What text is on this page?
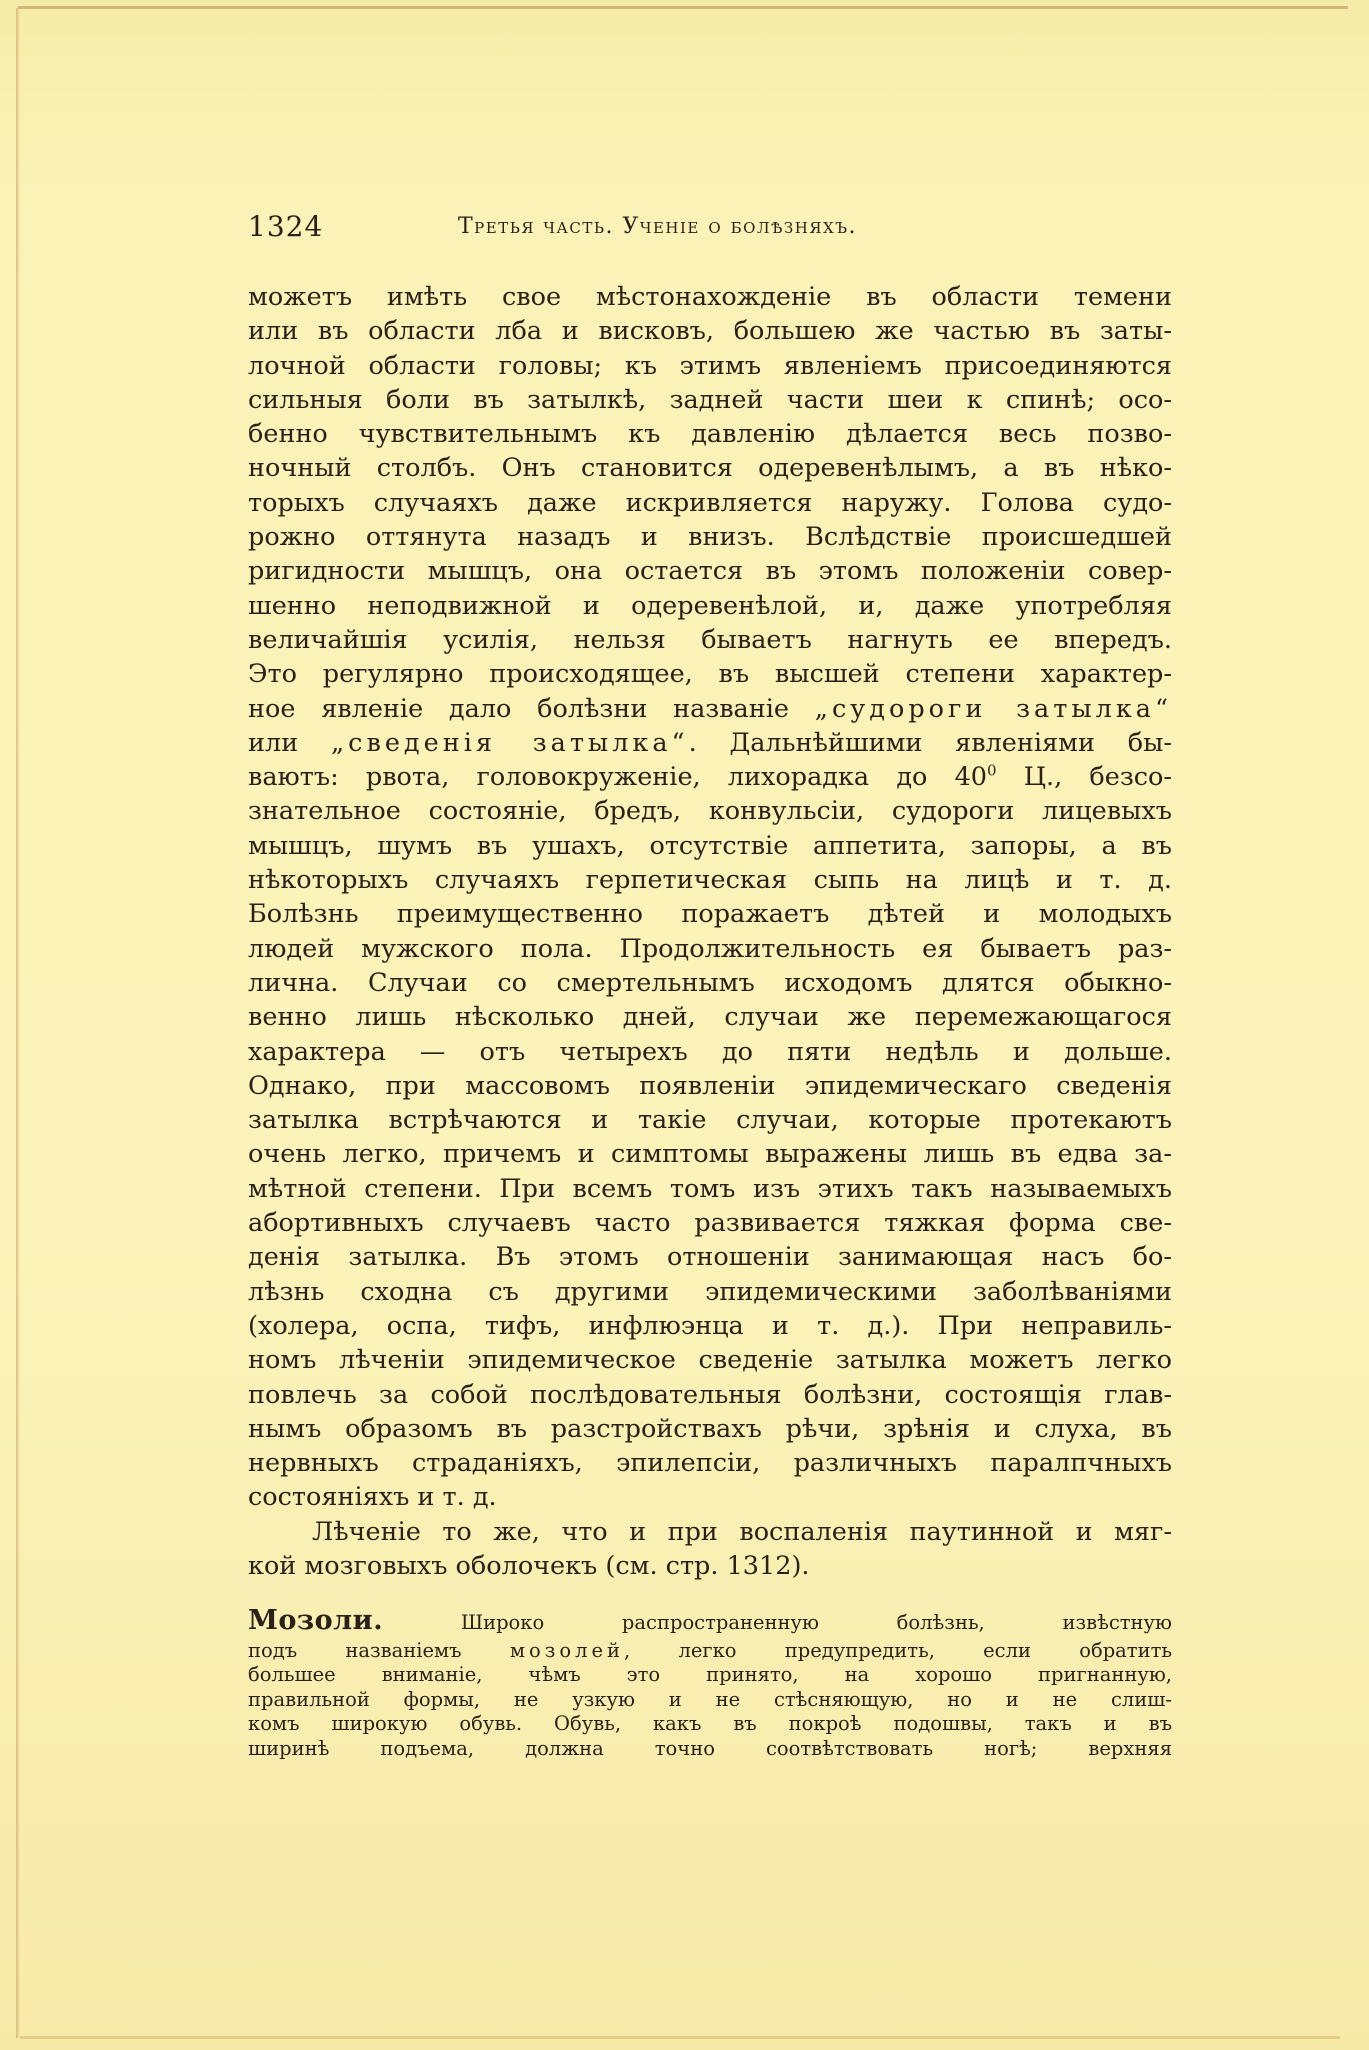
1324	Третья часть. Ученіе о болѣзняхъ.
можетъ имѣть свое мѣстонахожденіе въ области темени
или въ области лба и висковъ, большею же частью въ заты-
лочной области головы; къ этимъ явленіемъ присоединяются
сильныя боли въ затылкѣ, задней части шеи к спинѣ; осо-
бенно чувствительнымъ къ давленію дѣлается весь позво-
ночный столбъ. Онъ становится одеревенѣлымъ, а въ нѣко-
торыхъ случаяхъ даже искривляется наружу. Голова судо-
рожно оттянута назадъ и внизъ. Вслѣдствіе происшедшей
ригидности мышцъ, она остается въ этомъ положеніи совер-
шенно неподвижной и одеревенѣлой, и, даже употребляя
величайшія усилія, нельзя бываетъ нагнуть ее впередъ.
Это регулярно происходящее, въ высшей степени характер-
ное явленіе дало болѣзни названіе „судороги затылка“
или „сведенія затылка“. Дальнѣйшими явленіями бы-
ваютъ: рвота, головокруженіе, лихорадка до $40^0$ Ц., безсо-
знательное состояніе, бредъ, конвульсіи, судороги лицевыхъ
мышцъ, шумъ въ ушахъ, отсутствіе аппетита, запоры, а въ
нѣкоторыхъ случаяхъ герпетическая сыпь на лицѣ и т. д.
Болѣзнь преимущественно поражаетъ дѣтей и молодыхъ
людей мужского пола. Продолжительность ея бываетъ раз-
лична. Случаи со смертельнымъ исходомъ длятся обыкно-
венно лишь нѣсколько дней, случаи же перемежающагося
характера — отъ четырехъ до пяти недѣль и дольше.
Однако, при массовомъ появленіи эпидемическаго сведенія
затылка встрѣчаются и такіе случаи, которые протекаютъ
очень легко, причемъ и симптомы выражены лишь въ едва за-
мѣтной степени. При всемъ томъ изъ этихъ такъ называемыхъ
абортивныхъ случаевъ часто развивается тяжкая форма све-
денія затылка. Въ этомъ отношеніи занимающая насъ бо-
лѣзнь сходна съ другими эпидемическими заболѣваніями
(холера, оспа, тифъ, инфлюэнца и т. д.). При неправиль-
номъ лѣченіи эпидемическое сведеніе затылка можетъ легко
повлечь за собой послѣдовательныя болѣзни, состоящія глав-
нымъ образомъ въ разстройствахъ рѣчи, зрѣнія и слуха, въ
нервныхъ страданіяхъ, эпилепсіи, различныхъ паралпчныхъ
состояніяхъ и т. д.
Лѣченіе то же, что и при воспаленія паутинной и мяг-
кой мозговыхъ оболочекъ (см. стр. 1312).
Мозоли. Широко распространенную болѣзнь, извѣстную
подъ названіемъ мозолей, легко предупредить, если обратить
большее вниманіе, чѣмъ это принято, на хорошо пригнанную,
правильной формы, не узкую и не стѣсняющую, но и не слиш-
комъ широкую обувь. Обувь, какъ въ покроѣ подошвы, такъ и въ
ширинѣ подъема, должна точно соотвѣтствовать ногѣ; верхняя
